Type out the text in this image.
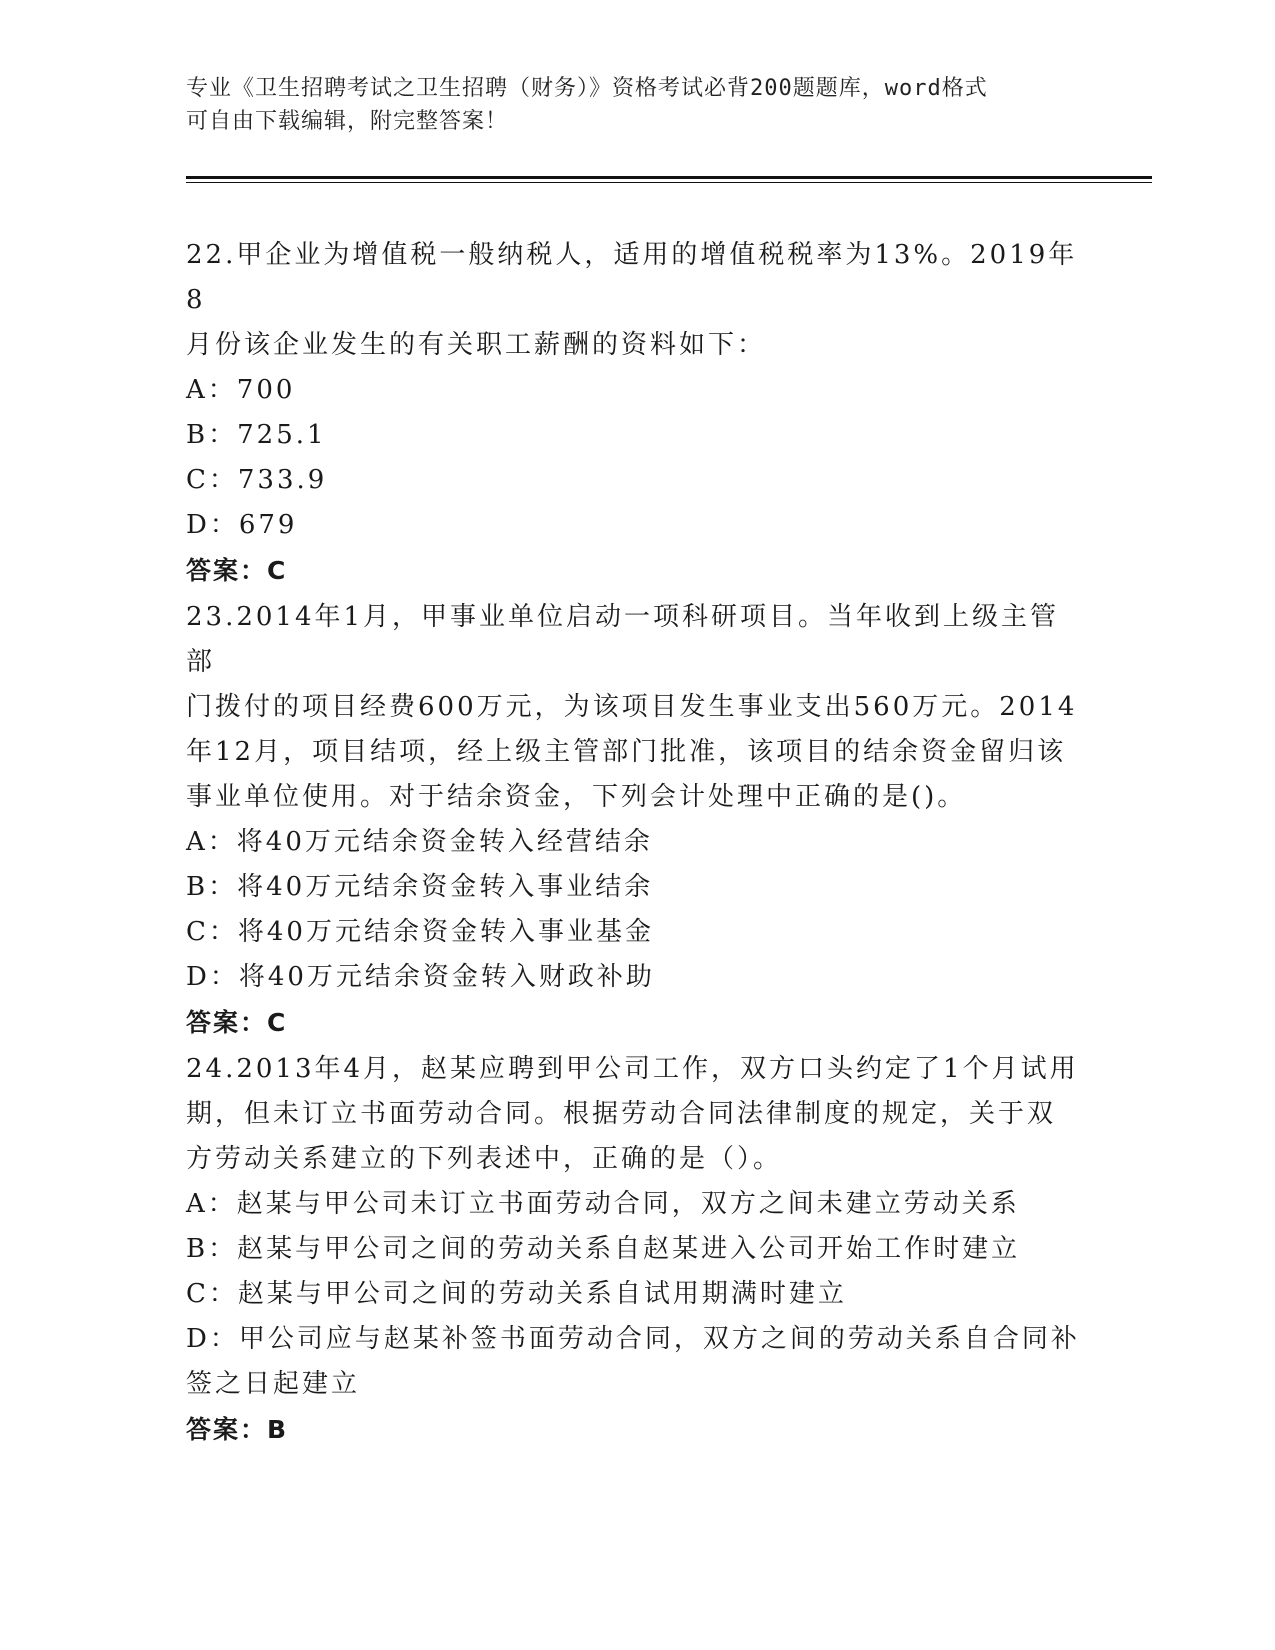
专业《卫生招聘考试之卫生招聘（财务）》资格考试必背200题题库，word格式
可自由下载编辑，附完整答案！

22.甲企业为增值税一般纳税人，适用的增值税税率为13%。2019年8

月份该企业发生的有关职工薪酬的资料如下：

A：700

B：725.1

C：733.9

D：679

答案：C

23.2014年1月，甲事业单位启动一项科研项目。当年收到上级主管部

门拨付的项目经费600万元，为该项目发生事业支出560万元。2014

年12月，项目结项，经上级主管部门批准，该项目的结余资金留归该

事业单位使用。对于结余资金，下列会计处理中正确的是()。

A：将40万元结余资金转入经营结余

B：将40万元结余资金转入事业结余

C：将40万元结余资金转入事业基金

D：将40万元结余资金转入财政补助

答案：C

24.2013年4月，赵某应聘到甲公司工作，双方口头约定了1个月试用

期，但未订立书面劳动合同。根据劳动合同法律制度的规定，关于双

方劳动关系建立的下列表述中，正确的是（）。

A：赵某与甲公司未订立书面劳动合同，双方之间未建立劳动关系

B：赵某与甲公司之间的劳动关系自赵某进入公司开始工作时建立

C：赵某与甲公司之间的劳动关系自试用期满时建立

D：甲公司应与赵某补签书面劳动合同，双方之间的劳动关系自合同补

签之日起建立

答案：B
